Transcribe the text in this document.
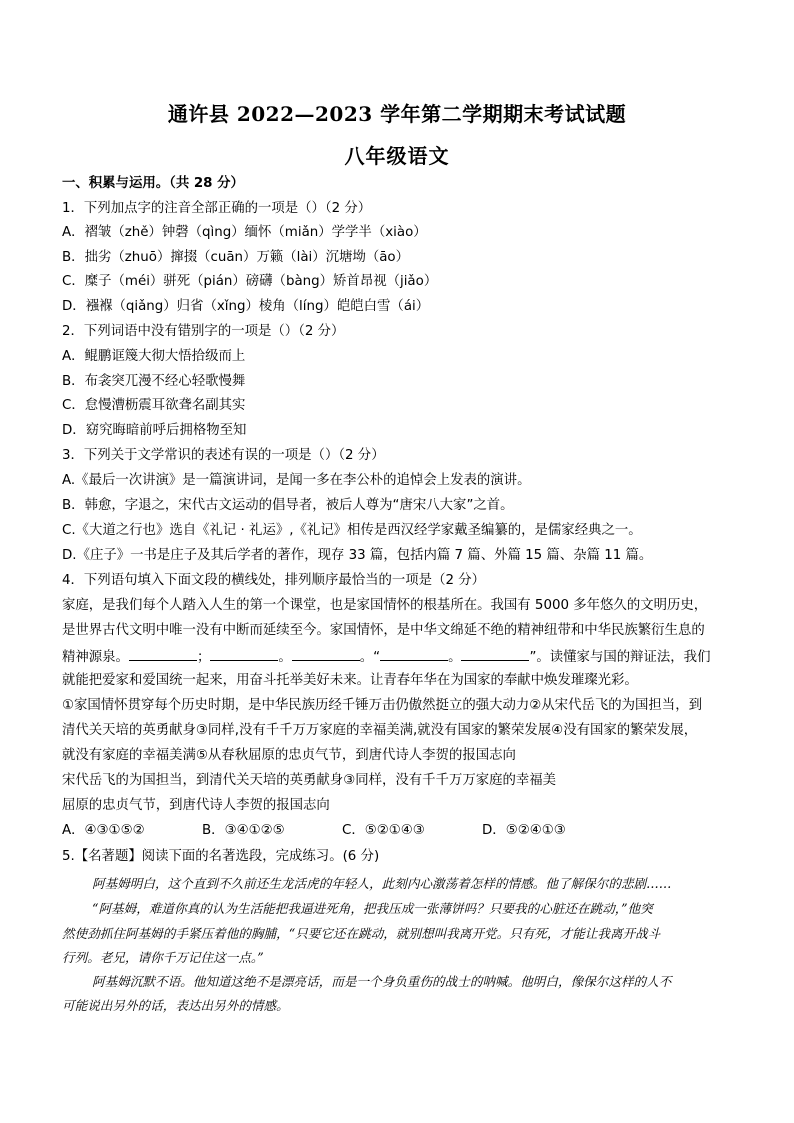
通许县 2022—2023 学年第二学期期末考试试题
八年级语文
一、积累与运用。（共 28 分）
1．下列加点字的注音全部正确的一项是（）（2 分）
A．褶皱（zhě）钟磬（qìng）缅怀（miǎn）学学半（xiào）
B．拙劣（zhuō）撺掇（cuān）万籁（lài）沉塘坳（āo）
C．糜子（méi）骈死（pián）磅礴（bàng）矫首昂视（jiǎo）
D．襁褓（qiǎng）归省（xǐng）棱角（líng）皑皑白雪（ái）
2．下列词语中没有错别字的一项是（）（2 分）
A．鲲鹏诓篾大彻大悟拾级而上
B．布衾突兀漫不经心轻歌慢舞
C．怠慢漕枥震耳欲聋名副其实
D．窈究晦暗前呼后拥格物至知
3．下列关于文学常识的表述有误的一项是（）（2 分）
A.《最后一次讲演》是一篇演讲词，是闻一多在李公朴的追悼会上发表的演讲。
B．韩愈，字退之，宋代古文运动的倡导者，被后人尊为“唐宋八大家”之首。
C.《大道之行也》选自《礼记 · 礼运》,《礼记》相传是西汉经学家戴圣编纂的，是儒家经典之一。
D.《庄子》一书是庄子及其后学者的著作，现存 33 篇，包括内篇 7 篇、外篇 15 篇、杂篇 11 篇。
4．下列语句填入下面文段的横线处，排列顺序最恰当的一项是（2 分）
家庭，是我们每个人踏入人生的第一个课堂，也是家国情怀的根基所在。我国有 5000 多年悠久的文明历史，
是世界古代文明中唯一没有中断而延续至今。家国情怀，是中华文绵延不绝的精神纽带和中华民族繁衍生息的
精神源泉。	；	。	。“	。	”。读懂家与国的辩证法，我们
就能把爱家和爱国统一起来，用奋斗托举美好未来。让青春年华在为国家的奉献中焕发璀璨光彩。
①家国情怀贯穿每个历史时期，是中华民族历经千锤万击仍傲然挺立的强大动力②从宋代岳飞的为国担当，到
清代关天培的英勇献身③同样,没有千千万万家庭的幸福美满,就没有国家的繁荣发展④没有国家的繁荣发展，
就没有家庭的幸福美满⑤从春秋屈原的忠贞气节，到唐代诗人李贺的报国志向
宋代岳飞的为国担当，到清代关天培的英勇献身③同样，没有千千万万家庭的幸福美
屈原的忠贞气节，到唐代诗人李贺的报国志向
A．④③①⑤②	B．③④①②⑤	C．⑤②①④③	D．⑤②④①③
5.【名著题】阅读下面的名著选段，完成练习。(6 分)
阿基姆明白，这个直到不久前还生龙活虎的年轻人，此刻内心激荡着怎样的情感。他了解保尔的悲剧……
“阿基姆，难道你真的认为生活能把我逼进死角，把我压成一张薄饼吗？只要我的心脏还在跳动，”他突
然使劲抓住阿基姆的手紧压着他的胸脯，“只要它还在跳动，就别想叫我离开党。只有死，才能让我离开战斗
行列。老兄，请你千万记住这一点。”
阿基姆沉默不语。他知道这绝不是漂亮话，而是一个身负重伤的战士的呐喊。他明白，像保尔这样的人不
可能说出另外的话，表达出另外的情感。
